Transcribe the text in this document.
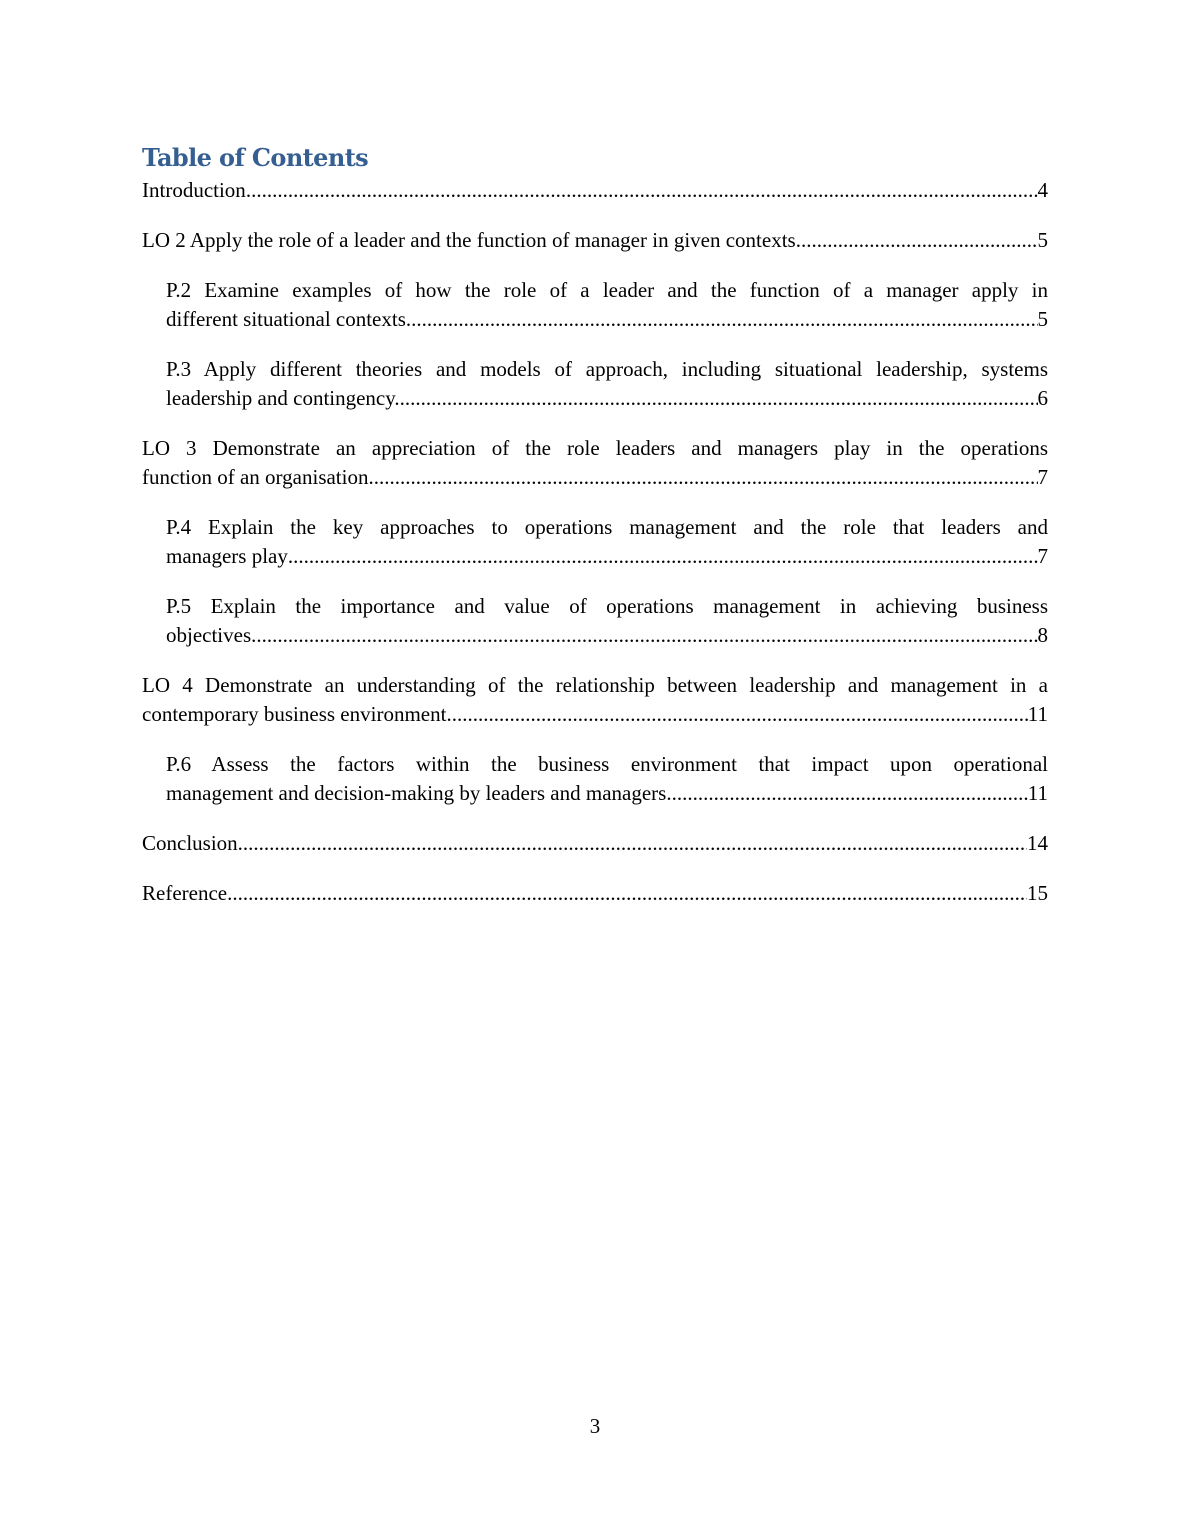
Table of Contents
Introduction .....	4
LO 2 Apply the role of a leader and the function of manager in given contexts .....	5
P.2 Examine examples of how the role of a leader and the function of a manager apply in
different situational contexts .....	5
P.3 Apply different theories and models of approach, including situational leadership, systems
leadership and contingency. .....	6
LO 3 Demonstrate an appreciation of the role leaders and managers play in the operations
function of an organisation. .....	7
P.4 Explain the key approaches to operations management and the role that leaders and
managers play .....	7
P.5 Explain the importance and value of operations management in achieving business
objectives .....	8
LO 4 Demonstrate an understanding of the relationship between leadership and management in a
contemporary business environment .....	11
P.6 Assess the factors within the business environment that impact upon operational
management and decision-making by leaders and managers .....	11
Conclusion .....	14
Reference .....	15
3
